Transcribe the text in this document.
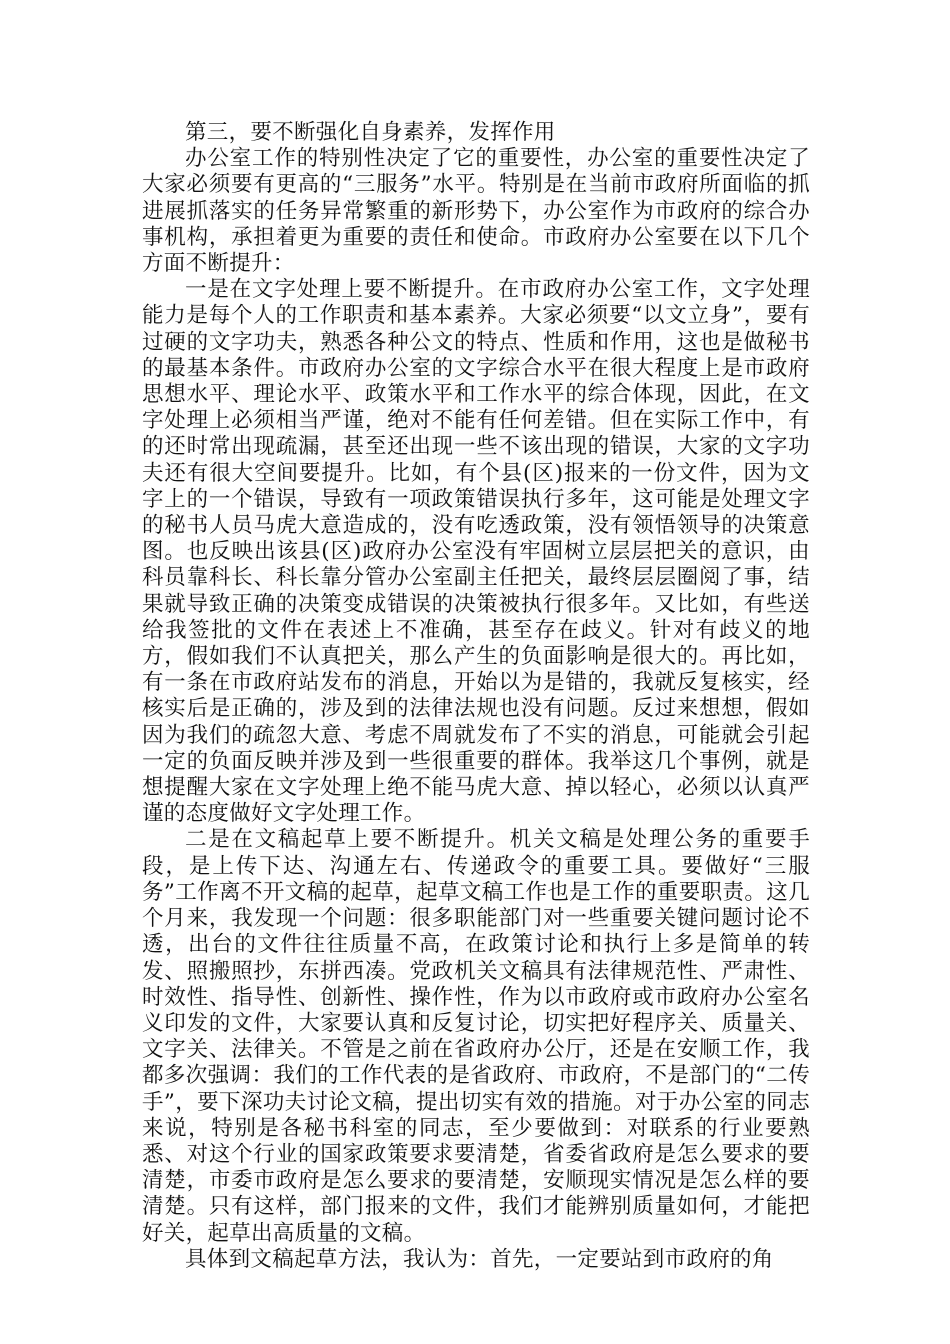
第三，要不断强化自身素养，发挥作用

办公室工作的特别性决定了它的重要性，办公室的重要性决定了大家必须要有更高的“三服务”水平。特别是在当前市政府所面临的抓进展抓落实的任务异常繁重的新形势下，办公室作为市政府的综合办事机构，承担着更为重要的责任和使命。市政府办公室要在以下几个方面不断提升：

一是在文字处理上要不断提升。在市政府办公室工作，文字处理能力是每个人的工作职责和基本素养。大家必须要“以文立身”，要有过硬的文字功夫，熟悉各种公文的特点、性质和作用，这也是做秘书的最基本条件。市政府办公室的文字综合水平在很大程度上是市政府思想水平、理论水平、政策水平和工作水平的综合体现，因此，在文字处理上必须相当严谨，绝对不能有任何差错。但在实际工作中，有的还时常出现疏漏，甚至还出现一些不该出现的错误，大家的文字功夫还有很大空间要提升。比如，有个县(区)报来的一份文件，因为文字上的一个错误，导致有一项政策错误执行多年，这可能是处理文字的秘书人员马虎大意造成的，没有吃透政策，没有领悟领导的决策意图。也反映出该县(区)政府办公室没有牢固树立层层把关的意识，由科员靠科长、科长靠分管办公室副主任把关，最终层层圈阅了事，结果就导致正确的决策变成错误的决策被执行很多年。又比如，有些送给我签批的文件在表述上不准确，甚至存在歧义。针对有歧义的地方，假如我们不认真把关，那么产生的负面影响是很大的。再比如，有一条在市政府站发布的消息，开始以为是错的，我就反复核实，经核实后是正确的，涉及到的法律法规也没有问题。反过来想想，假如因为我们的疏忽大意、考虑不周就发布了不实的消息，可能就会引起一定的负面反映并涉及到一些很重要的群体。我举这几个事例，就是想提醒大家在文字处理上绝不能马虎大意、掉以轻心，必须以认真严谨的态度做好文字处理工作。

二是在文稿起草上要不断提升。机关文稿是处理公务的重要手段，是上传下达、沟通左右、传递政令的重要工具。要做好“三服务”工作离不开文稿的起草，起草文稿工作也是工作的重要职责。这几个月来，我发现一个问题：很多职能部门对一些重要关键问题讨论不透，出台的文件往往质量不高，在政策讨论和执行上多是简单的转发、照搬照抄，东拼西凑。党政机关文稿具有法律规范性、严肃性、时效性、指导性、创新性、操作性，作为以市政府或市政府办公室名义印发的文件，大家要认真和反复讨论，切实把好程序关、质量关、文字关、法律关。不管是之前在省政府办公厅，还是在安顺工作，我都多次强调：我们的工作代表的是省政府、市政府，不是部门的“二传手”，要下深功夫讨论文稿，提出切实有效的措施。对于办公室的同志来说，特别是各秘书科室的同志，至少要做到：对联系的行业要熟悉、对这个行业的国家政策要求要清楚，省委省政府是怎么要求的要清楚，市委市政府是怎么要求的要清楚，安顺现实情况是怎么样的要清楚。只有这样，部门报来的文件，我们才能辨别质量如何，才能把好关，起草出高质量的文稿。

具体到文稿起草方法，我认为：首先，一定要站到市政府的角
